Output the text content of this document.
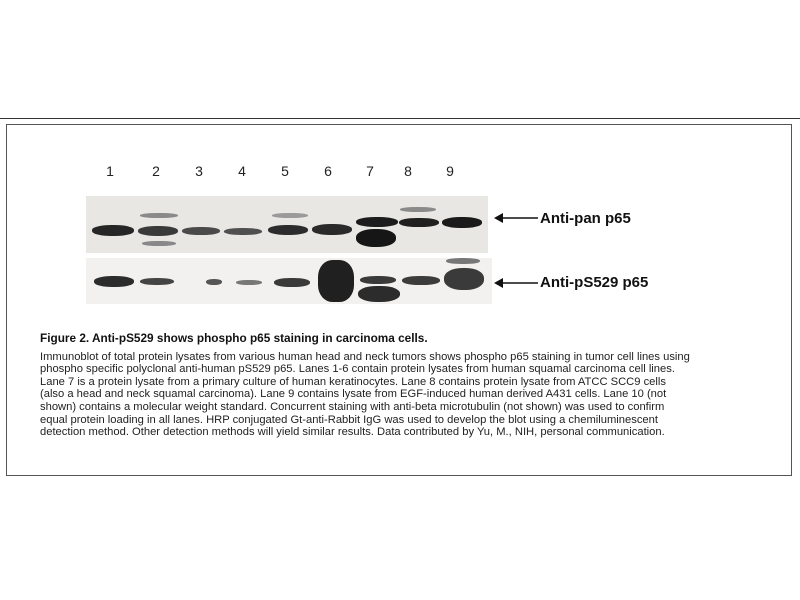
1	2	3	4	5	6 7 8 9
Anti-pan p65
Anti-pS529 p65
Figure 2. Anti-pS529 shows phospho p65 staining in carcinoma cells.
Immunoblot of total protein lysates from various human head and neck tumors shows phospho p65 staining in tumor cell lines using
phospho specific polyclonal anti-human pS529 p65. Lanes 1-6 contain protein lysates from human squamal carcinoma cell lines.
Lane 7 is a protein lysate from a primary culture of human keratinocytes. Lane 8 contains protein lysate from ATCC SCC9 cells
(also a head and neck squamal carcinoma). Lane 9 contains lysate from EGF-induced human derived A431 cells. Lane 10 (not
shown) contains a molecular weight standard. Concurrent staining with anti-beta microtubulin (not shown) was used to confirm
equal protein loading in all lanes. HRP conjugated Gt-anti-Rabbit IgG was used to develop the blot using a chemiluminescent
detection method. Other detection methods will yield similar results. Data contributed by Yu, M., NIH, personal communication.
